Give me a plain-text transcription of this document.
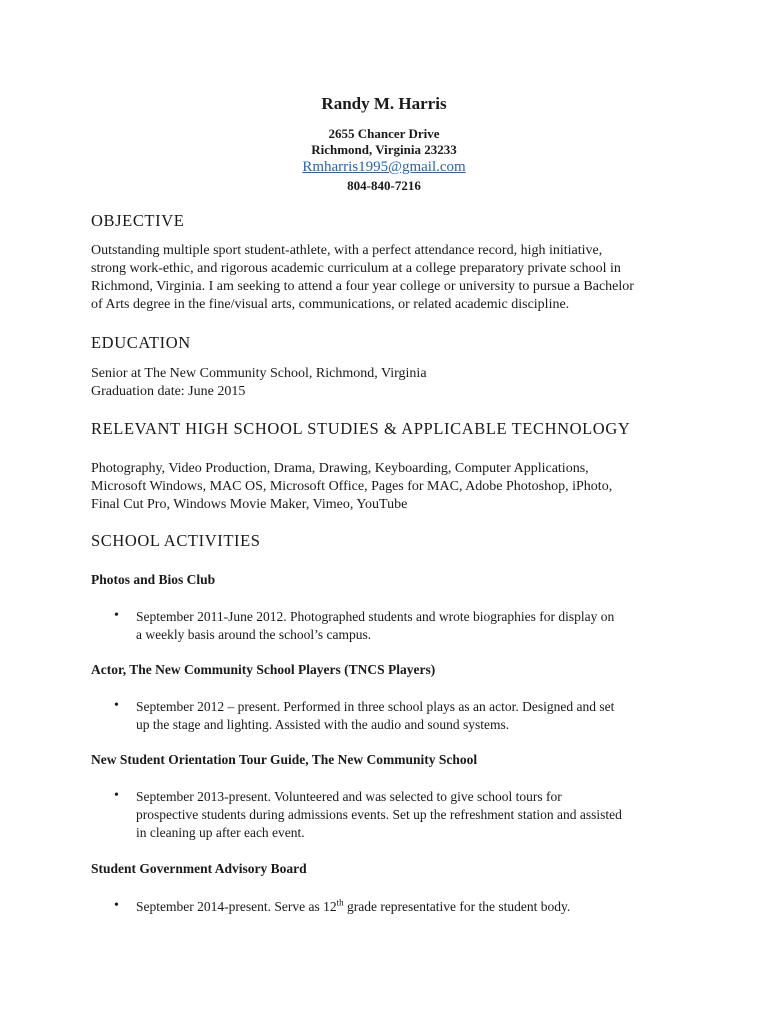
Randy M. Harris
2655 Chancer Drive
Richmond, Virginia 23233
Rmharris1995@gmail.com
804-840-7216
OBJECTIVE
Outstanding multiple sport student-athlete, with a perfect attendance record, high initiative,
strong work-ethic, and rigorous academic curriculum at a college preparatory private school in
Richmond, Virginia. I am seeking to attend a four year college or university to pursue a Bachelor
of Arts degree in the fine/visual arts, communications, or related academic discipline.
EDUCATION
Senior at The New Community School, Richmond, Virginia
Graduation date: June 2015
RELEVANT HIGH SCHOOL STUDIES & APPLICABLE TECHNOLOGY
Photography, Video Production, Drama, Drawing, Keyboarding, Computer Applications,
Microsoft Windows, MAC OS, Microsoft Office, Pages for MAC, Adobe Photoshop, iPhoto,
Final Cut Pro, Windows Movie Maker, Vimeo, YouTube
SCHOOL ACTIVITIES
Photos and Bios Club
• September 2011-June 2012. Photographed students and wrote biographies for display on
a weekly basis around the school’s campus.
Actor, The New Community School Players (TNCS Players)
• September 2012 – present. Performed in three school plays as an actor. Designed and set
up the stage and lighting. Assisted with the audio and sound systems.
New Student Orientation Tour Guide, The New Community School
• September 2013-present. Volunteered and was selected to give school tours for
prospective students during admissions events. Set up the refreshment station and assisted
in cleaning up after each event.
Student Government Advisory Board
• September 2014-present. Serve as 12th grade representative for the student body.
